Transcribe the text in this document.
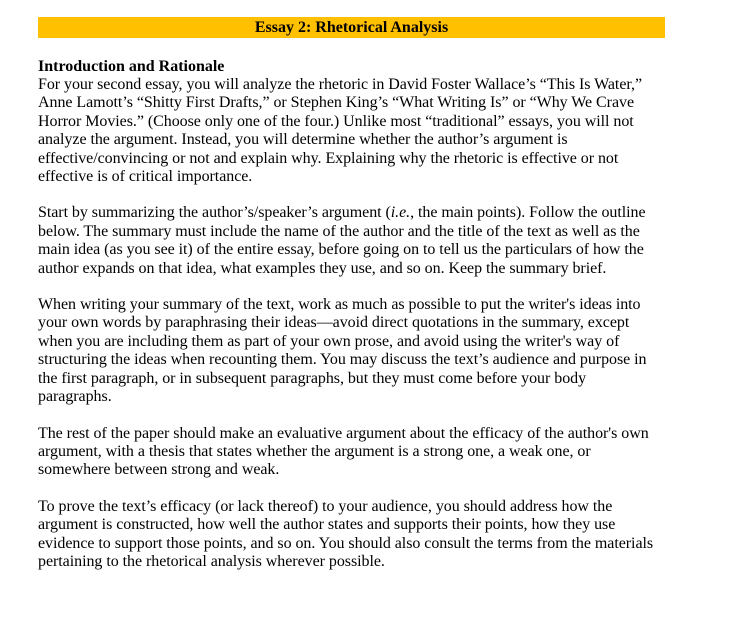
Essay 2: Rhetorical Analysis
Introduction and Rationale

For your second essay, you will analyze the rhetoric in David Foster Wallace’s “This Is Water,”
Anne Lamott’s “Shitty First Drafts,” or Stephen King’s “What Writing Is” or “Why We Crave
Horror Movies.” (Choose only one of the four.) Unlike most “traditional” essays, you will not
analyze the argument. Instead, you will determine whether the author’s argument is
effective/convincing or not and explain why. Explaining why the rhetoric is effective or not
effective is of critical importance.

Start by summarizing the author’s/speaker’s argument (i.e., the main points). Follow the outline
below. The summary must include the name of the author and the title of the text as well as the
main idea (as you see it) of the entire essay, before going on to tell us the particulars of how the
author expands on that idea, what examples they use, and so on. Keep the summary brief.

When writing your summary of the text, work as much as possible to put the writer's ideas into
your own words by paraphrasing their ideas—avoid direct quotations in the summary, except
when you are including them as part of your own prose, and avoid using the writer's way of
structuring the ideas when recounting them. You may discuss the text’s audience and purpose in
the first paragraph, or in subsequent paragraphs, but they must come before your body
paragraphs.

The rest of the paper should make an evaluative argument about the efficacy of the author's own
argument, with a thesis that states whether the argument is a strong one, a weak one, or
somewhere between strong and weak.

To prove the text’s efficacy (or lack thereof) to your audience, you should address how the
argument is constructed, how well the author states and supports their points, how they use
evidence to support those points, and so on. You should also consult the terms from the materials
pertaining to the rhetorical analysis wherever possible.
